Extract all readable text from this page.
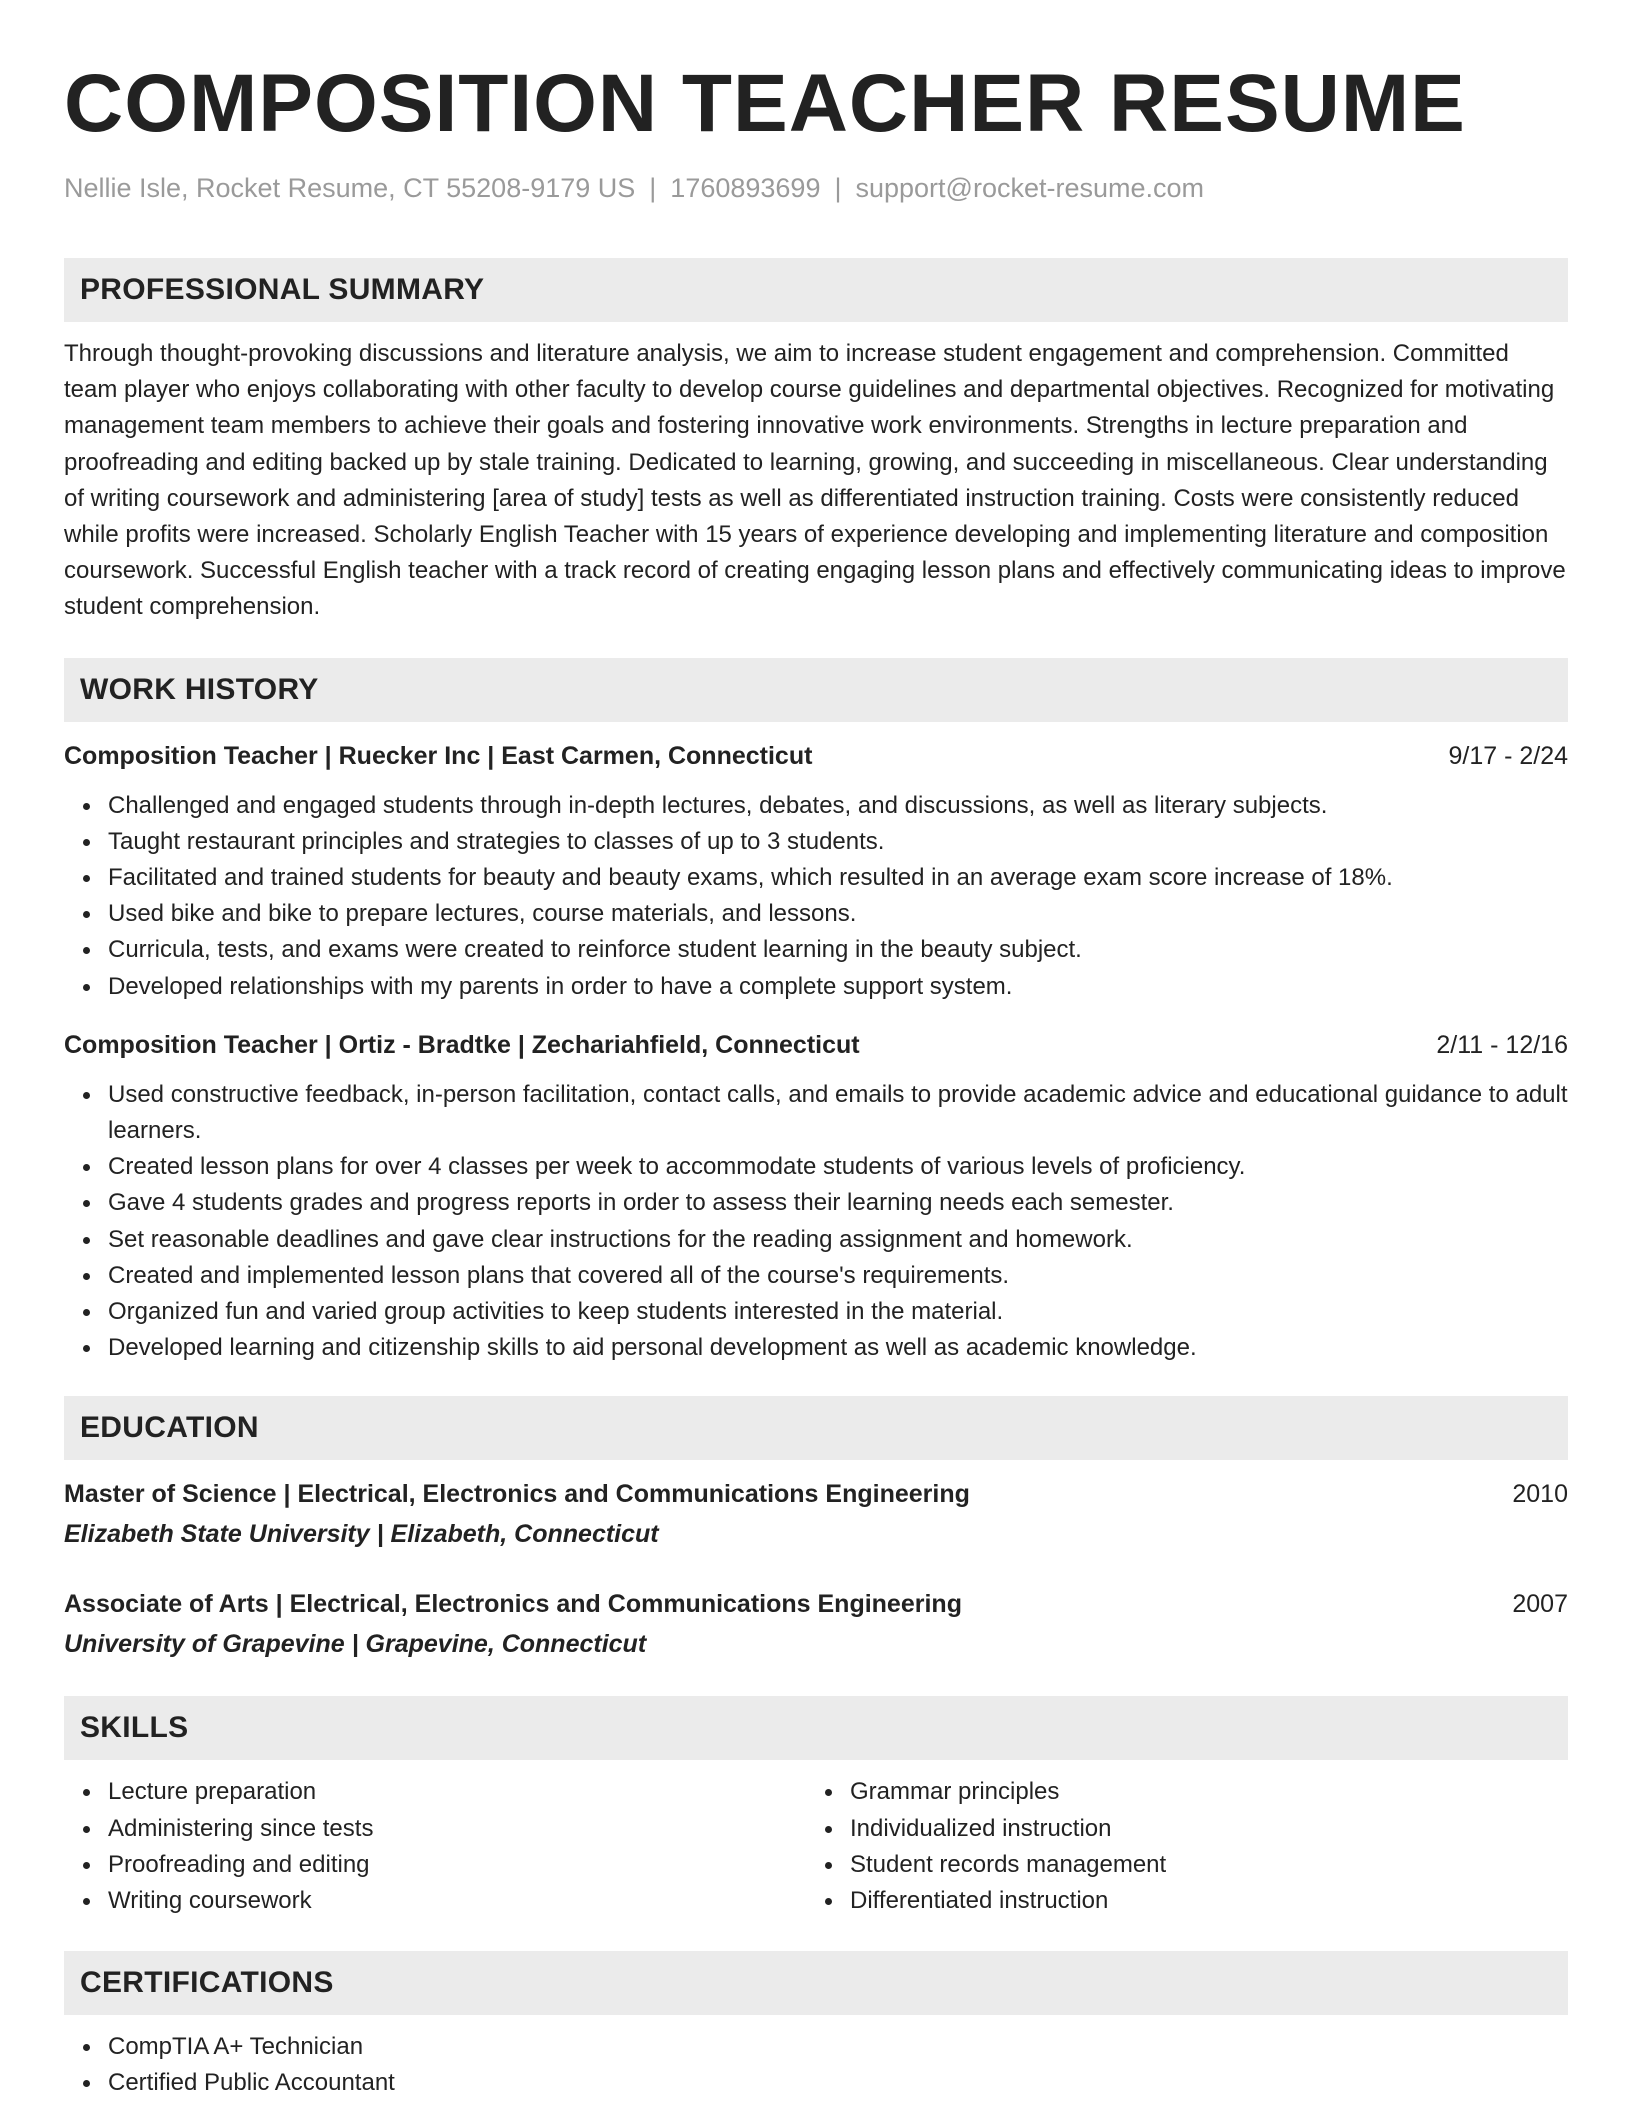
COMPOSITION TEACHER RESUME
Nellie Isle, Rocket Resume, CT 55208-9179 US | 1760893699 | support@rocket-resume.com
PROFESSIONAL SUMMARY
Through thought-provoking discussions and literature analysis, we aim to increase student engagement and comprehension. Committed team player who enjoys collaborating with other faculty to develop course guidelines and departmental objectives. Recognized for motivating management team members to achieve their goals and fostering innovative work environments. Strengths in lecture preparation and proofreading and editing backed up by stale training. Dedicated to learning, growing, and succeeding in miscellaneous. Clear understanding of writing coursework and administering [area of study] tests as well as differentiated instruction training. Costs were consistently reduced while profits were increased. Scholarly English Teacher with 15 years of experience developing and implementing literature and composition coursework. Successful English teacher with a track record of creating engaging lesson plans and effectively communicating ideas to improve student comprehension.
WORK HISTORY
Composition Teacher | Ruecker Inc | East Carmen, Connecticut	9/17 - 2/24
Challenged and engaged students through in-depth lectures, debates, and discussions, as well as literary subjects.
Taught restaurant principles and strategies to classes of up to 3 students.
Facilitated and trained students for beauty and beauty exams, which resulted in an average exam score increase of 18%.
Used bike and bike to prepare lectures, course materials, and lessons.
Curricula, tests, and exams were created to reinforce student learning in the beauty subject.
Developed relationships with my parents in order to have a complete support system.
Composition Teacher | Ortiz - Bradtke | Zechariahfield, Connecticut	2/11 - 12/16
Used constructive feedback, in-person facilitation, contact calls, and emails to provide academic advice and educational guidance to adult learners.
Created lesson plans for over 4 classes per week to accommodate students of various levels of proficiency.
Gave 4 students grades and progress reports in order to assess their learning needs each semester.
Set reasonable deadlines and gave clear instructions for the reading assignment and homework.
Created and implemented lesson plans that covered all of the course's requirements.
Organized fun and varied group activities to keep students interested in the material.
Developed learning and citizenship skills to aid personal development as well as academic knowledge.
EDUCATION
Master of Science | Electrical, Electronics and Communications Engineering	2010
Elizabeth State University | Elizabeth, Connecticut
Associate of Arts | Electrical, Electronics and Communications Engineering	2007
University of Grapevine | Grapevine, Connecticut
SKILLS
Lecture preparation
Administering since tests
Proofreading and editing
Writing coursework
Grammar principles
Individualized instruction
Student records management
Differentiated instruction
CERTIFICATIONS
CompTIA A+ Technician
Certified Public Accountant
